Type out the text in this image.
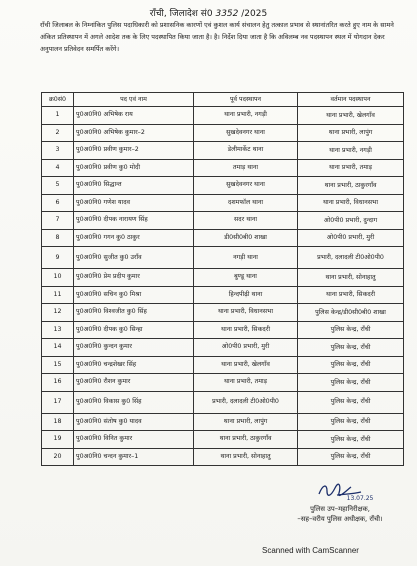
राँची, जिलादेश सं0 3352 /2025
राँची जिलाबल के निम्नांकित पुलिस पदाधिकारी को प्रशासनिक कारणों एवं कुशल कार्य संचालन हेतु तत्काल प्रभाव से स्थानांतरित करते हुए नाम के सामने अंकित प्रतिस्थापन में अगले आदेश तक के लिए पदस्थापित किया जाता है। है। निर्देश दिया जाता है कि अविलम्ब नव पदस्थापन स्थल में योगदान देकर अनुपालन प्रतिवेदन समर्पित करेंगे।
क्र0सं0	पद एवं नाम	पूर्व पदस्थापन	वर्तमान पदस्थापन
1	पु0अ0नि0 अभिषेक राय	थाना प्रभारी, नगड़ी	थाना प्रभारी, खेलगाँव
2	पु0अ0नि0 अभिषेक कुमार–2	सुखदेवनगर थाना	थाना प्रभारी, लापुंग
3	पु0अ0नि0 प्रवीण कुमार–2	डेलीमार्केट थाना	थाना प्रभारी, नगड़ी
4	पु0अ0नि0 प्रवीण कु0 मोदी	तमाड़ थाना	थाना प्रभारी, तमाड़
5	पु0अ0नि0 सिद्धान्त	सुखदेवनगर थाना	थाना प्रभारी, ठाकुरगाँव
6	पु0अ0नि0 गणेश यादव	दशमफॉल थाना	थाना प्रभारी, विधानसभा
7	पु0अ0नि0 दीपक नारायण सिंह	सदर थाना	ओ0पी0 प्रभारी, दुन्दाग
8	पु0अ0नि0 गगन कु0 ठाकुर	डी0सी0बी0 शाखा	ओ0पी0 प्रभारी, मुरी
9	पु0अ0नि0 सुजीत कु0 उराँव	नगड़ी थाना	प्रभारी, दलादली टी0ओ0पी0
10	पु0अ0नि0 प्रेम प्रदीप कुमार	बुण्डू थाना	थाना प्रभारी, सोनाहातु
11	पु0अ0नि0 सचिन कु0 मिश्रा	हिन्दपीढ़ी थाना	थाना प्रभारी, सिकदरी
12	पु0अ0नि0 विश्वजीत कु0 सिंह	थाना प्रभारी, विधानसभा	पुलिस केन्द्र/डी0सी0बी0 शाखा
13	पु0अ0नि0 दीपक कु0 सिन्हा	थाना प्रभारी, सिकदरी	पुलिस केन्द्र, राँची
14	पु0अ0नि0 कुन्दन कुमार	ओ0पी0 प्रभारी, मुरी	पुलिस केन्द्र, राँची
15	पु0अ0नि0 चन्द्रशेखर सिंह	थाना प्रभारी, खेलगाँव	पुलिस केन्द्र, राँची
16	पु0अ0नि0 रौशन कुमार	थाना प्रभारी, तमाड़	पुलिस केन्द्र, राँची
17	पु0अ0नि0 विकास कु0 सिंह	प्रभारी, दलादली टी0ओ0पी0	पुलिस केन्द्र, राँची
18	पु0अ0नि0 संतोष कु0 यादव	थाना प्रभारी, लापुंग	पुलिस केन्द्र, राँची
19	पु0अ0नि0 विनित कुमार	थाना प्रभारी, ठाकुरगाँव	पुलिस केन्द्र, राँची
20	पु0अ0नि0 चन्दन कुमार–1	थाना प्रभारी, सोनाहातु	पुलिस केन्द्र, राँची
13.07.25
पुलिस उप–महानिरीक्षक,
–सह–वरीय पुलिस अधीक्षक, राँची।
Scanned with CamScanner
